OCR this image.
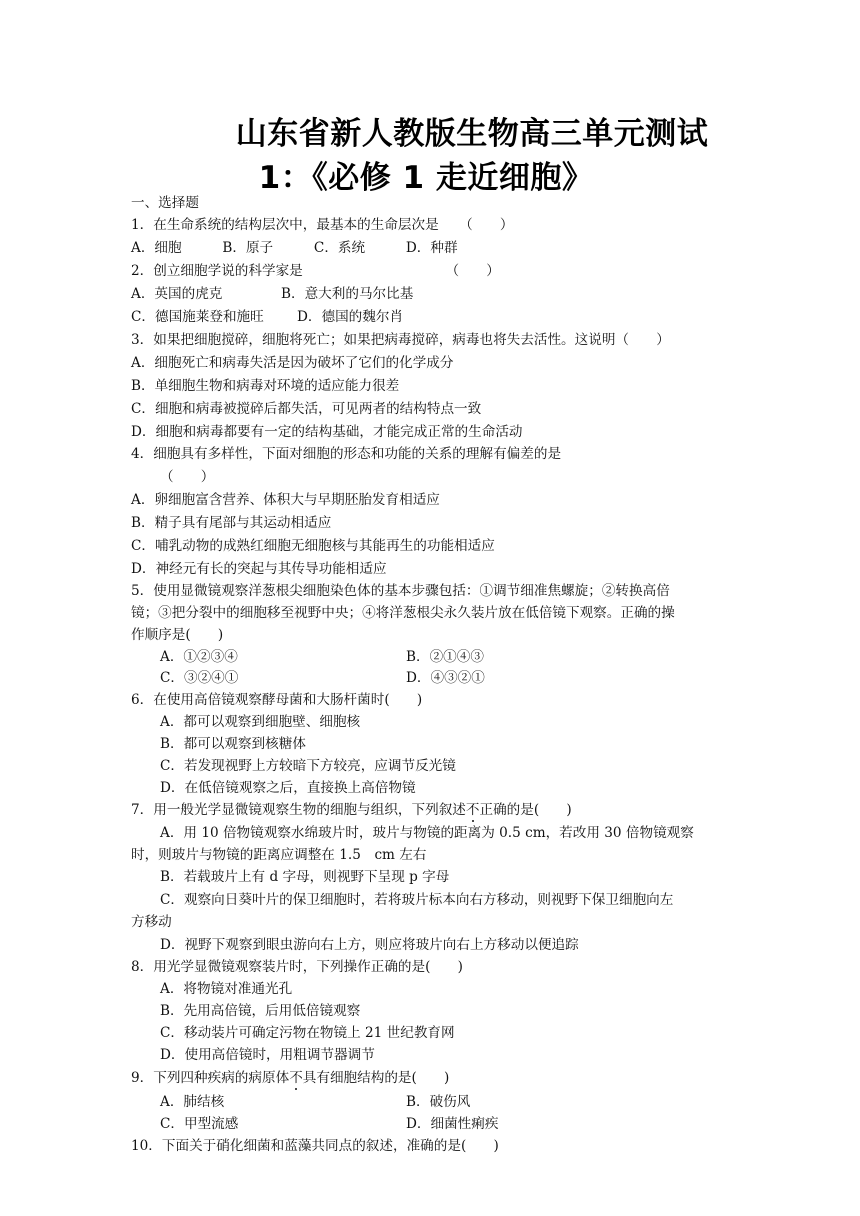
山东省新人教版生物高三单元测试
1：《必修 1 走近细胞》
一、选择题
1．在生命系统的结构层次中，最基本的生命层次是　　（　　）
A．细胞　　　B．原子　　　C．系统　　　D．种群
2．创立细胞学说的科学家是　　　　　　　　　　　（　　）
A．英国的虎克	B．意大利的马尔比基
C．德国施莱登和施旺 D．德国的魏尔肖
3．如果把细胞搅碎，细胞将死亡；如果把病毒搅碎，病毒也将失去活性。这说明（　　）
A．细胞死亡和病毒失活是因为破坏了它们的化学成分
B．单细胞生物和病毒对环境的适应能力很差
C．细胞和病毒被搅碎后都失活，可见两者的结构特点一致
D．细胞和病毒都要有一定的结构基础，才能完成正常的生命活动
4．细胞具有多样性，下面对细胞的形态和功能的关系的理解有偏差的是
（　　）
A．卵细胞富含营养、体积大与早期胚胎发育相适应
B．精子具有尾部与其运动相适应
C．哺乳动物的成熟红细胞无细胞核与其能再生的功能相适应
D．神经元有长的突起与其传导功能相适应
5．使用显微镜观察洋葱根尖细胞染色体的基本步骤包括：①调节细准焦螺旋；②转换高倍
镜；③把分裂中的细胞移至视野中央；④将洋葱根尖永久装片放在低倍镜下观察。正确的操
作顺序是(　　)
A．①②③④	B．②①④③
C．③②④①	D．④③②①
6．在使用高倍镜观察酵母菌和大肠杆菌时(　　)
A．都可以观察到细胞壁、细胞核
B．都可以观察到核糖体
C．若发现视野上方较暗下方较亮，应调节反光镜
D．在低倍镜观察之后，直接换上高倍物镜
7．用一般光学显微镜观察生物的细胞与组织，下列叙述不正确的是(　　)
A．用 10 倍物镜观察水绵玻片时，玻片与物镜的距离为 0.5 cm，若改用 30 倍物镜观察
时，则玻片与物镜的距离应调整在 1.5　cm 左右
B．若载玻片上有 d 字母，则视野下呈现 p 字母
C．观察向日葵叶片的保卫细胞时，若将玻片标本向右方移动，则视野下保卫细胞向左
方移动
D．视野下观察到眼虫游向右上方，则应将玻片向右上方移动以便追踪
8．用光学显微镜观察装片时，下列操作正确的是(　　)
A．将物镜对准通光孔
B．先用高倍镜，后用低倍镜观察
C．移动装片可确定污物在物镜上 21 世纪教育网
D．使用高倍镜时，用粗调节器调节
9．下列四种疾病的病原体不具有细胞结构的是(　　)
A．肺结核	B．破伤风
C．甲型流感	D．细菌性痢疾
10．下面关于硝化细菌和蓝藻共同点的叙述，准确的是(　　)
